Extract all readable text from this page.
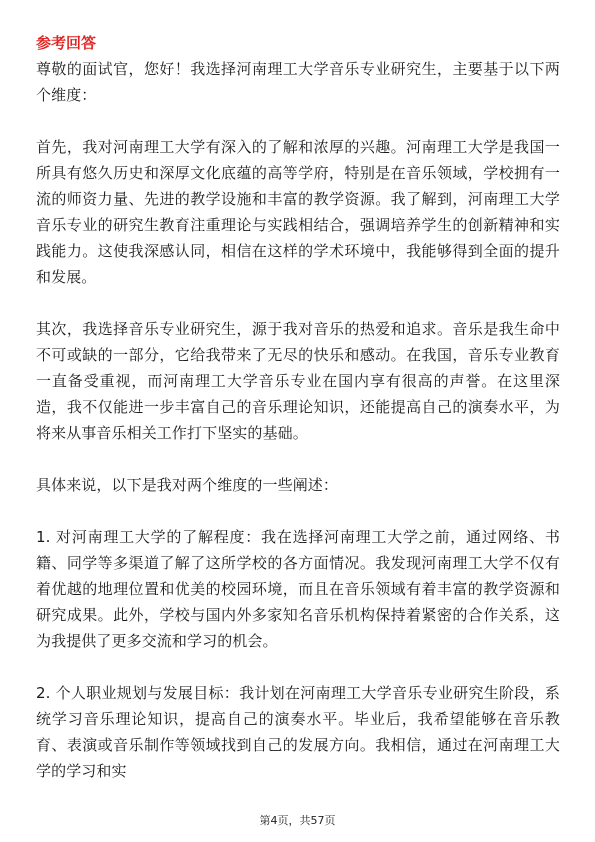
参考回答

尊敬的面试官，您好！我选择河南理工大学音乐专业研究生，主要基于以下两个维度：

首先，我对河南理工大学有深入的了解和浓厚的兴趣。河南理工大学是我国一所具有悠久历史和深厚文化底蕴的高等学府，特别是在音乐领域，学校拥有一流的师资力量、先进的教学设施和丰富的教学资源。我了解到，河南理工大学音乐专业的研究生教育注重理论与实践相结合，强调培养学生的创新精神和实践能力。这使我深感认同，相信在这样的学术环境中，我能够得到全面的提升和发展。

其次，我选择音乐专业研究生，源于我对音乐的热爱和追求。音乐是我生命中不可或缺的一部分，它给我带来了无尽的快乐和感动。在我国，音乐专业教育一直备受重视，而河南理工大学音乐专业在国内享有很高的声誉。在这里深造，我不仅能进一步丰富自己的音乐理论知识，还能提高自己的演奏水平，为将来从事音乐相关工作打下坚实的基础。

具体来说，以下是我对两个维度的一些阐述：

1. 对河南理工大学的了解程度：我在选择河南理工大学之前，通过网络、书籍、同学等多渠道了解了这所学校的各方面情况。我发现河南理工大学不仅有着优越的地理位置和优美的校园环境，而且在音乐领域有着丰富的教学资源和研究成果。此外，学校与国内外多家知名音乐机构保持着紧密的合作关系，这为我提供了更多交流和学习的机会。

2. 个人职业规划与发展目标：我计划在河南理工大学音乐专业研究生阶段，系统学习音乐理论知识，提高自己的演奏水平。毕业后，我希望能够在音乐教育、表演或音乐制作等领域找到自己的发展方向。我相信，通过在河南理工大学的学习和实

第4页，共57页
